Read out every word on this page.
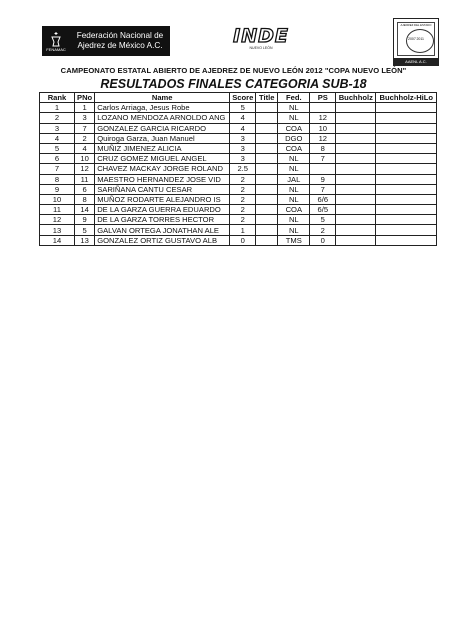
FENAMAC
Federación Nacional de
Ajedrez de México A.C.	INDE
NUEVO LEÓN
AJEDREZ DEL ESTADO
2007 2011
AAENL A.C.
CAMPEONATO ESTATAL ABIERTO DE AJEDREZ DE NUEVO LEÓN 2012 "COPA NUEVO LEÓN"
RESULTADOS FINALES CATEGORIA SUB-18
Rank	PNo	Name	Score	Title	Fed.	PS	Buchholz	Buchholz-HiLo
1	1	Carlos Arriaga, Jesus Robe	5		NL			
2	3	LOZANO MENDOZA ARNOLDO ANG	4		NL	12		
3	7	GONZALEZ GARCIA RICARDO	4		COA	10		
4	2	Quiroga Garza, Juan Manuel	3		DGO	12		
5	4	MUÑIZ JIMENEZ ALICIA	3		COA	8		
6	10	CRUZ GOMEZ MIGUEL ANGEL	3		NL	7		
7	12	CHAVEZ MACKAY JORGE ROLAND	2.5		NL			
8	11	MAESTRO HERNANDEZ JOSE VID	2		JAL	9		
9	6	SARIÑANA CANTU CESAR	2		NL	7		
10	8	MUÑOZ RODARTE ALEJANDRO IS	2		NL	6/6		
11	14	DE LA GARZA GUERRA EDUARDO	2		COA	6/5		
12	9	DE LA GARZA TORRES HECTOR	2		NL	5		
13	5	GALVAN ORTEGA JONATHAN ALE	1		NL	2		
14	13	GONZALEZ ORTIZ GUSTAVO ALB	0		TMS	0		
